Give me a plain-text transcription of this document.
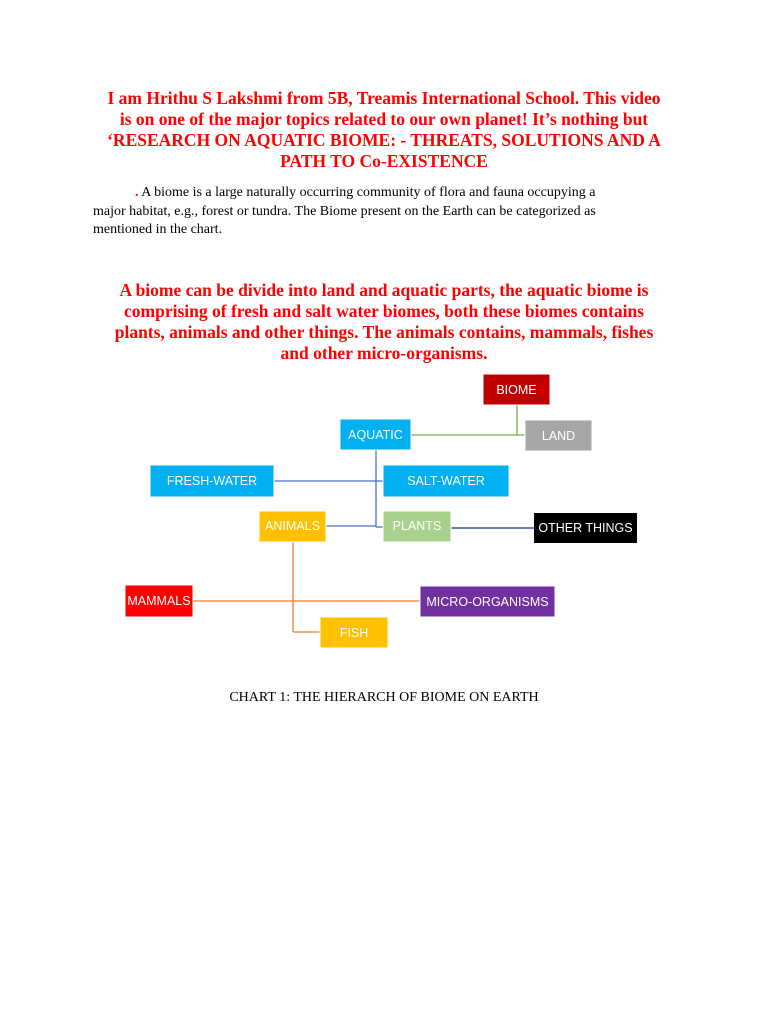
I am Hrithu S Lakshmi from 5B, Treamis International School. This video
is on one of the major topics related to our own planet! It’s nothing but
‘RESEARCH ON AQUATIC BIOME: - THREATS, SOLUTIONS AND A
PATH TO Co-EXISTENCE
. A biome is a large naturally occurring community of flora and fauna occupying a
major habitat, e.g., forest or tundra. The Biome present on the Earth can be categorized as
mentioned in the chart.
A biome can be divide into land and aquatic parts, the aquatic biome is
comprising of fresh and salt water biomes, both these biomes contains
plants, animals and other things. The animals contains, mammals, fishes
and other micro-organisms.
BIOME
AQUATIC	LAND
FRESH-WATER	SALT-WATER
ANIMALS	PLANTS	OTHER THINGS
MAMMALS	MICRO-ORGANISMS
FISH
CHART 1: THE HIERARCH OF BIOME ON EARTH
